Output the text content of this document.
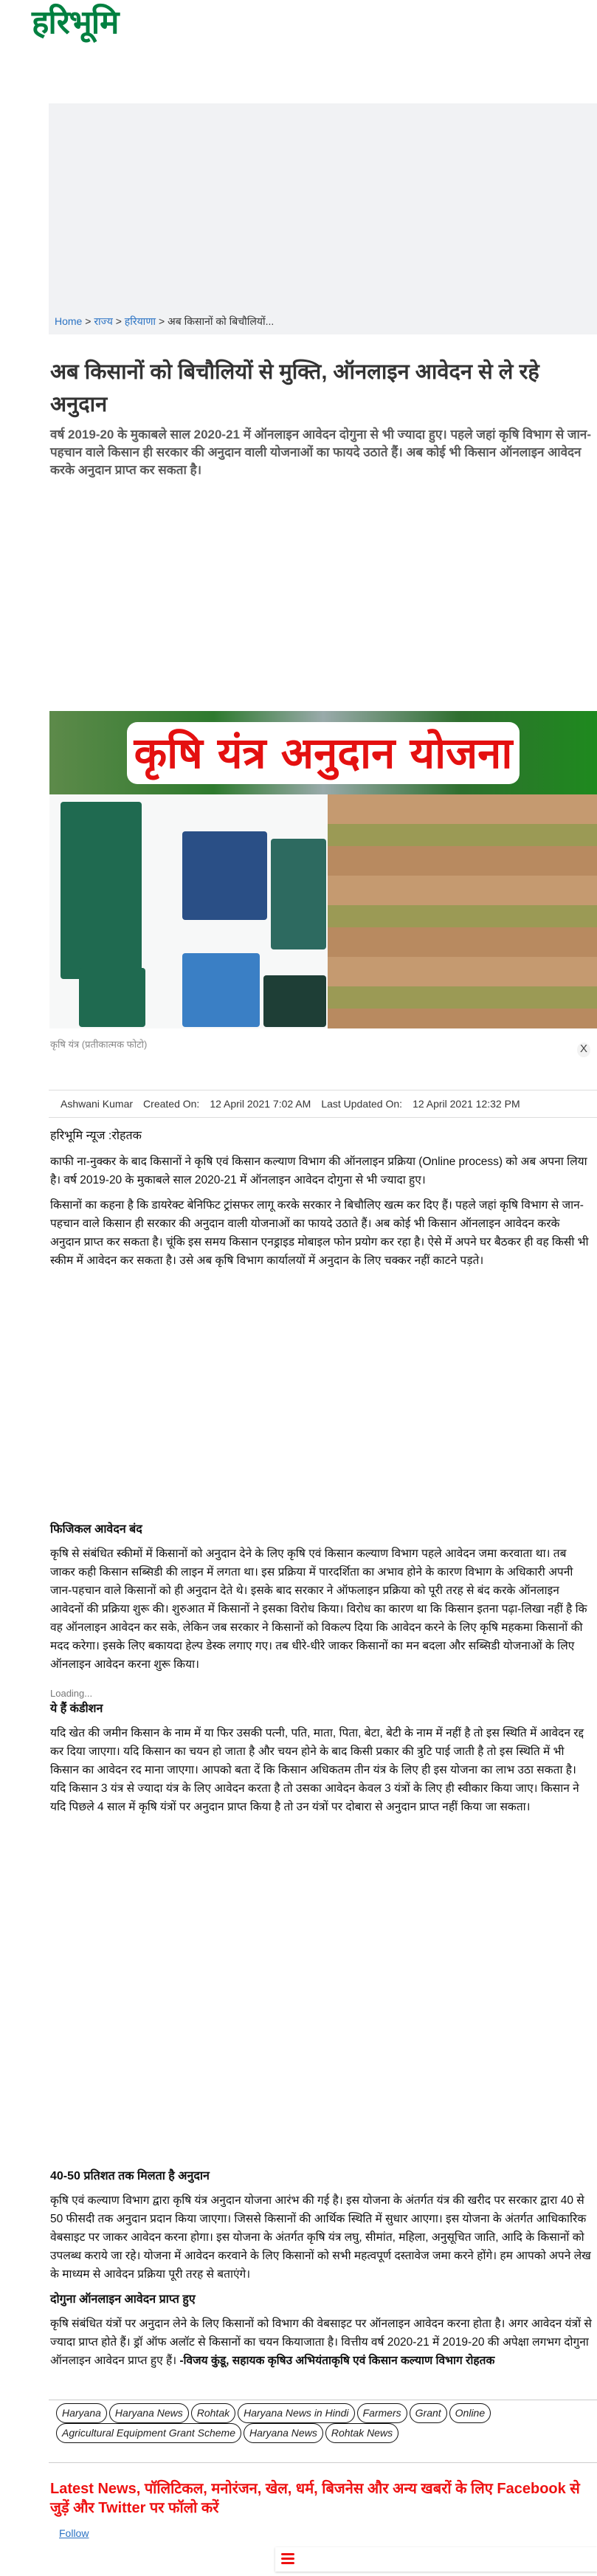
हरिभूमि
Home > राज्य > हरियाणा > अब किसानों को बिचौलियों...
अब किसानों को बिचौलियों से मुक्ति, ऑनलाइन आवेदन से ले रहे अनुदान

वर्ष 2019-20 के मुकाबले साल 2020-21 में ऑनलाइन आवेदन दोगुना से भी ज्यादा हुए। पहले जहां कृषि विभाग से जान-पहचान वाले किसान ही सरकार की अनुदान वाली योजनाओं का फायदे उठाते हैं। अब कोई भी किसान ऑनलाइन आवेदन करके अनुदान प्राप्त कर सकता है।

कृषि यंत्र अनुदान योजना
कृषि यंत्र (प्रतीकात्मक फोटो)	X
Ashwani Kumar Created On: 12 April 2021 7:02 AM Last Updated On: 12 April 2021 12:32 PM

हरिभूमि न्यूज :रोहतक

काफी ना-नुक्कर के बाद किसानों ने कृषि एवं किसान कल्याण विभाग की ऑनलाइन प्रक्रिया (Online process) को अब अपना लिया है। वर्ष 2019-20 के मुकाबले साल 2020-21 में ऑनलाइन आवेदन दोगुना से भी ज्यादा हुए।

किसानों का कहना है कि डायरेक्ट बेनिफिट ट्रांसफर लागू करके सरकार ने बिचौलिए खत्म कर दिए हैं। पहले जहां कृषि विभाग से जान-पहचान वाले किसान ही सरकार की अनुदान वाली योजनाओं का फायदे उठाते हैं। अब कोई भी किसान ऑनलाइन आवेदन करके अनुदान प्राप्त कर सकता है। चूंकि इस समय किसान एनड्राइड मोबाइल फोन प्रयोग कर रहा है। ऐसे में अपने घर बैठकर ही वह किसी भी स्कीम में आवेदन कर सकता है। उसे अब कृषि विभाग कार्यालयों में अनुदान के लिए चक्कर नहीं काटने पड़ते।

फिजिकल आवेदन बंद

कृषि से संबंधित स्कीमों में किसानों को अनुदान देने के लिए कृषि एवं किसान कल्याण विभाग पहले आवेदन जमा करवाता था। तब जाकर कही किसान सब्सिडी की लाइन में लगता था। इस प्रक्रिया में पारदर्शिता का अभाव होने के कारण विभाग के अधिकारी अपनी जान-पहचान वाले किसानों को ही अनुदान देते थे। इसके बाद सरकार ने ऑफलाइन प्रक्रिया को पूरी तरह से बंद करके ऑनलाइन आवेदनों की प्रक्रिया शुरू की। शुरुआत में किसानों ने इसका विरोध किया। विरोध का कारण था कि किसान इतना पढ़ा-लिखा नहीं है कि वह ऑनलाइन आवेदन कर सके, लेकिन जब सरकार ने किसानों को विकल्प दिया कि आवेदन करने के लिए कृषि महकमा किसानों की मदद करेगा। इसके लिए बकायदा हेल्प डेस्क लगाए गए। तब धीरे-धीरे जाकर किसानों का मन बदला और सब्सिडी योजनाओं के लिए ऑनलाइन आवेदन करना शुरू किया।

Loading...

ये हैं कंडीशन

यदि खेत की जमीन किसान के नाम में या फिर उसकी पत्नी, पति, माता, पिता, बेटा, बेटी के नाम में नहीं है तो इस स्थिति में आवेदन रद्द कर दिया जाएगा। यदि किसान का चयन हो जाता है और चयन होने के बाद किसी प्रकार की त्रुटि पाई जाती है तो इस स्थिति में भी किसान का आवेदन रद माना जाएगा। आपको बता दें कि किसान अधिकतम तीन यंत्र के लिए ही इस योजना का लाभ उठा सकता है। यदि किसान 3 यंत्र से ज्यादा यंत्र के लिए आवेदन करता है तो उसका आवेदन केवल 3 यंत्रों के लिए ही स्वीकार किया जाए। किसान ने यदि पिछले 4 साल में कृषि यंत्रों पर अनुदान प्राप्त किया है तो उन यंत्रों पर दोबारा से अनुदान प्राप्त नहीं किया जा सकता।

40-50 प्रतिशत तक मिलता है अनुदान

कृषि एवं कल्याण विभाग द्वारा कृषि यंत्र अनुदान योजना आरंभ की गई है। इस योजना के अंतर्गत यंत्र की खरीद पर सरकार द्वारा 40 से 50 फीसदी तक अनुदान प्रदान किया जाएगा। जिससे किसानों की आर्थिक स्थिति में सुधार आएगा। इस योजना के अंतर्गत आधिकारिक वेबसाइट पर जाकर आवेदन करना होगा। इस योजना के अंतर्गत कृषि यंत्र लघु, सीमांत, महिला, अनुसूचित जाति, आदि के किसानों को उपलब्ध कराये जा रहे। योजना में आवेदन करवाने के लिए किसानों को सभी महत्वपूर्ण दस्तावेज जमा करने होंगे। हम आपको अपने लेख के माध्यम से आवेदन प्रक्रिया पूरी तरह से बताएंगे।

दोगुना ऑनलाइन आवेदन प्राप्त हुए

कृषि संबंधित यंत्रों पर अनुदान लेने के लिए किसानों को विभाग की वेबसाइट पर ऑनलाइन आवेदन करना होता है। अगर आवेदन यंत्रों से ज्यादा प्राप्त होते हैं। ड्रॉ ऑफ अलॉट से किसानों का चयन कियाजाता है। वित्तीय वर्ष 2020-21 में 2019-20 की अपेक्षा लगभग दोगुना ऑनलाइन आवेदन प्राप्त हुए हैं। -विजय कुंडू, सहायक कृषिउ अभियंताकृषि एवं किसान कल्याण विभाग रोहतक

Haryana Haryana News Rohtak Haryana News in Hindi Farmers Grant OnlineAgricultural Equipment Grant Scheme Haryana News Rohtak News
Latest News, पॉलिटिकल, मनोरंजन, खेल, धर्म, बिजनेस और अन्य खबरों के लिए Facebook से जुड़ें और Twitter पर फॉलो करें
Follow
